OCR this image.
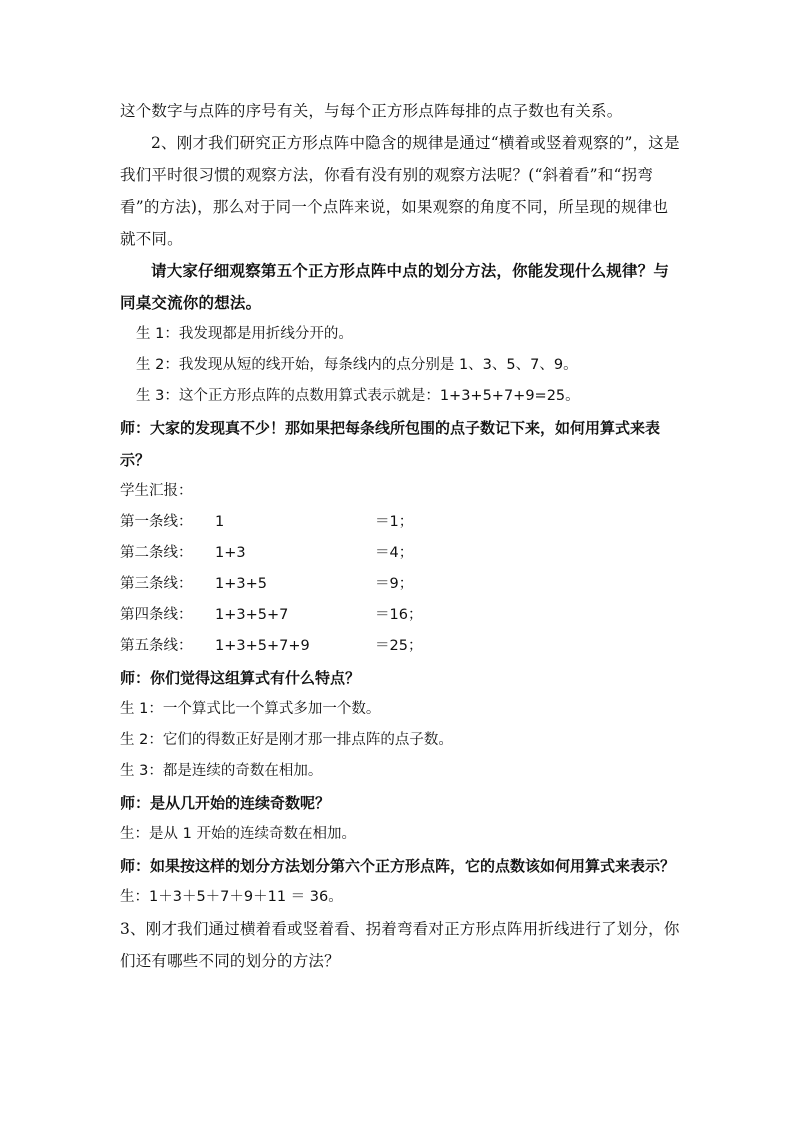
这个数字与点阵的序号有关，与每个正方形点阵每排的点子数也有关系。

2、刚才我们研究正方形点阵中隐含的规律是通过“横着或竖着观察的”，这是我们平时很习惯的观察方法，你看有没有别的观察方法呢？(“斜着看”和“拐弯看”的方法)，那么对于同一个点阵来说，如果观察的角度不同，所呈现的规律也就不同。

请大家仔细观察第五个正方形点阵中点的划分方法，你能发现什么规律？与同桌交流你的想法。

生 1：我发现都是用折线分开的。

生 2：我发现从短的线开始，每条线内的点分别是 1、3、5、7、9。

生 3：这个正方形点阵的点数用算式表示就是：1+3+5+7+9=25。

师：大家的发现真不少！那如果把每条线所包围的点子数记下来，如何用算式来表示？

学生汇报：

第一条线：	1	＝1；
第二条线：	1+3	＝4；
第三条线：	1+3+5	＝9；
第四条线：	1+3+5+7	＝16；
第五条线：	1+3+5+7+9	＝25；

师：你们觉得这组算式有什么特点？

生 1：一个算式比一个算式多加一个数。

生 2：它们的得数正好是刚才那一排点阵的点子数。

生 3：都是连续的奇数在相加。

师：是从几开始的连续奇数呢？

生：是从 1 开始的连续奇数在相加。

师：如果按这样的划分方法划分第六个正方形点阵，它的点数该如何用算式来表示？

生：1＋3＋5＋7＋9＋11 ＝ 36。

3、刚才我们通过横着看或竖着看、拐着弯看对正方形点阵用折线进行了划分，你们还有哪些不同的划分的方法？
